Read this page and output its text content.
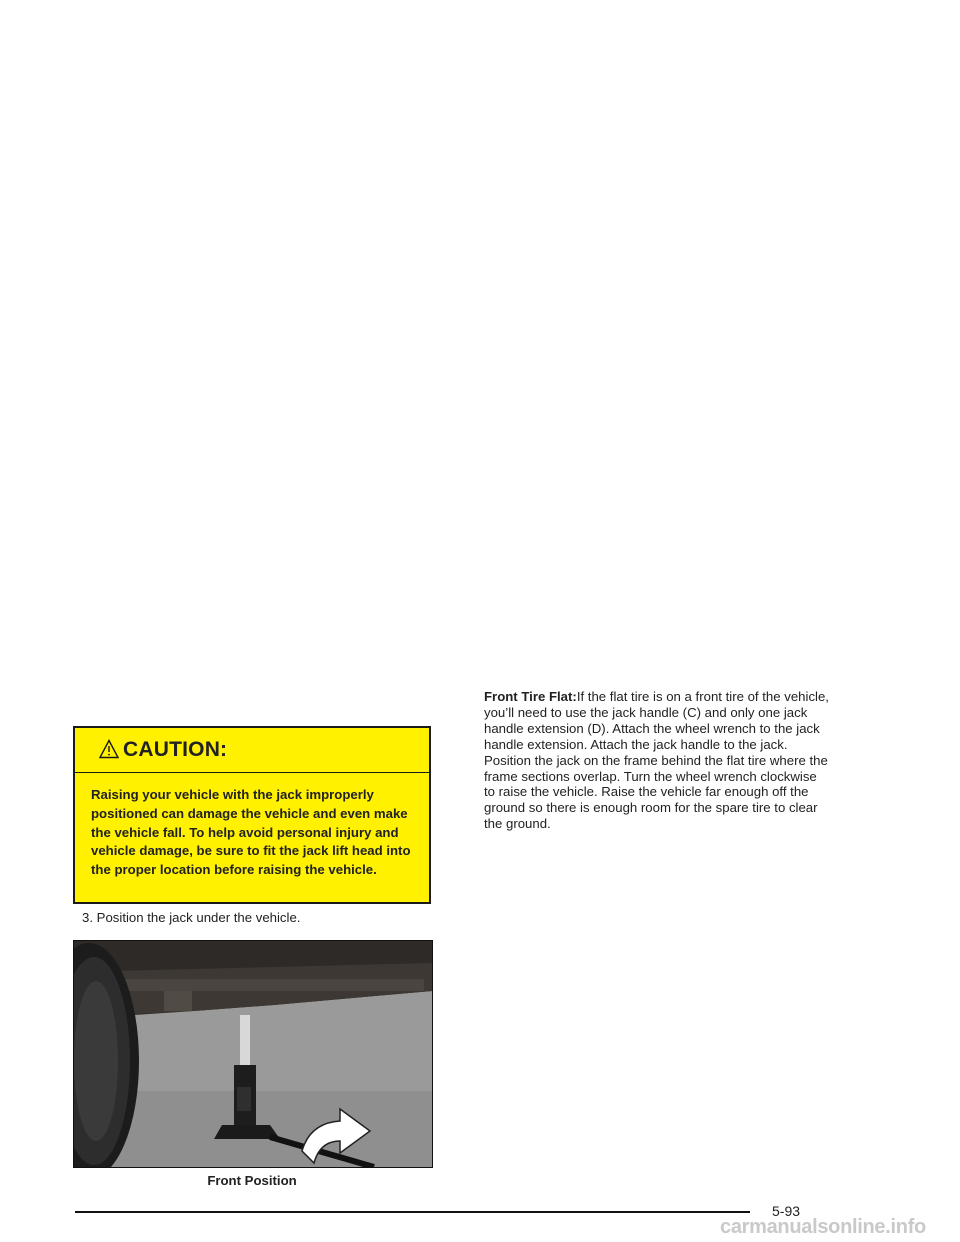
CAUTION:
Raising your vehicle with the jack improperly positioned can damage the vehicle and even make the vehicle fall. To help avoid personal injury and vehicle damage, be sure to fit the jack lift head into the proper location before raising the vehicle.
3. Position the jack under the vehicle.
Front Position
Front Tire Flat:If the flat tire is on a front tire of the vehicle, you’ll need to use the jack handle (C) and only one jack handle extension (D). Attach the wheel wrench to the jack handle extension. Attach the jack handle to the jack. Position the jack on the frame behind the flat tire where the frame sections overlap. Turn the wheel wrench clockwise to raise the vehicle. Raise the vehicle far enough off the ground so there is enough room for the spare tire to clear the ground.
5-93
carmanualsonline.info
